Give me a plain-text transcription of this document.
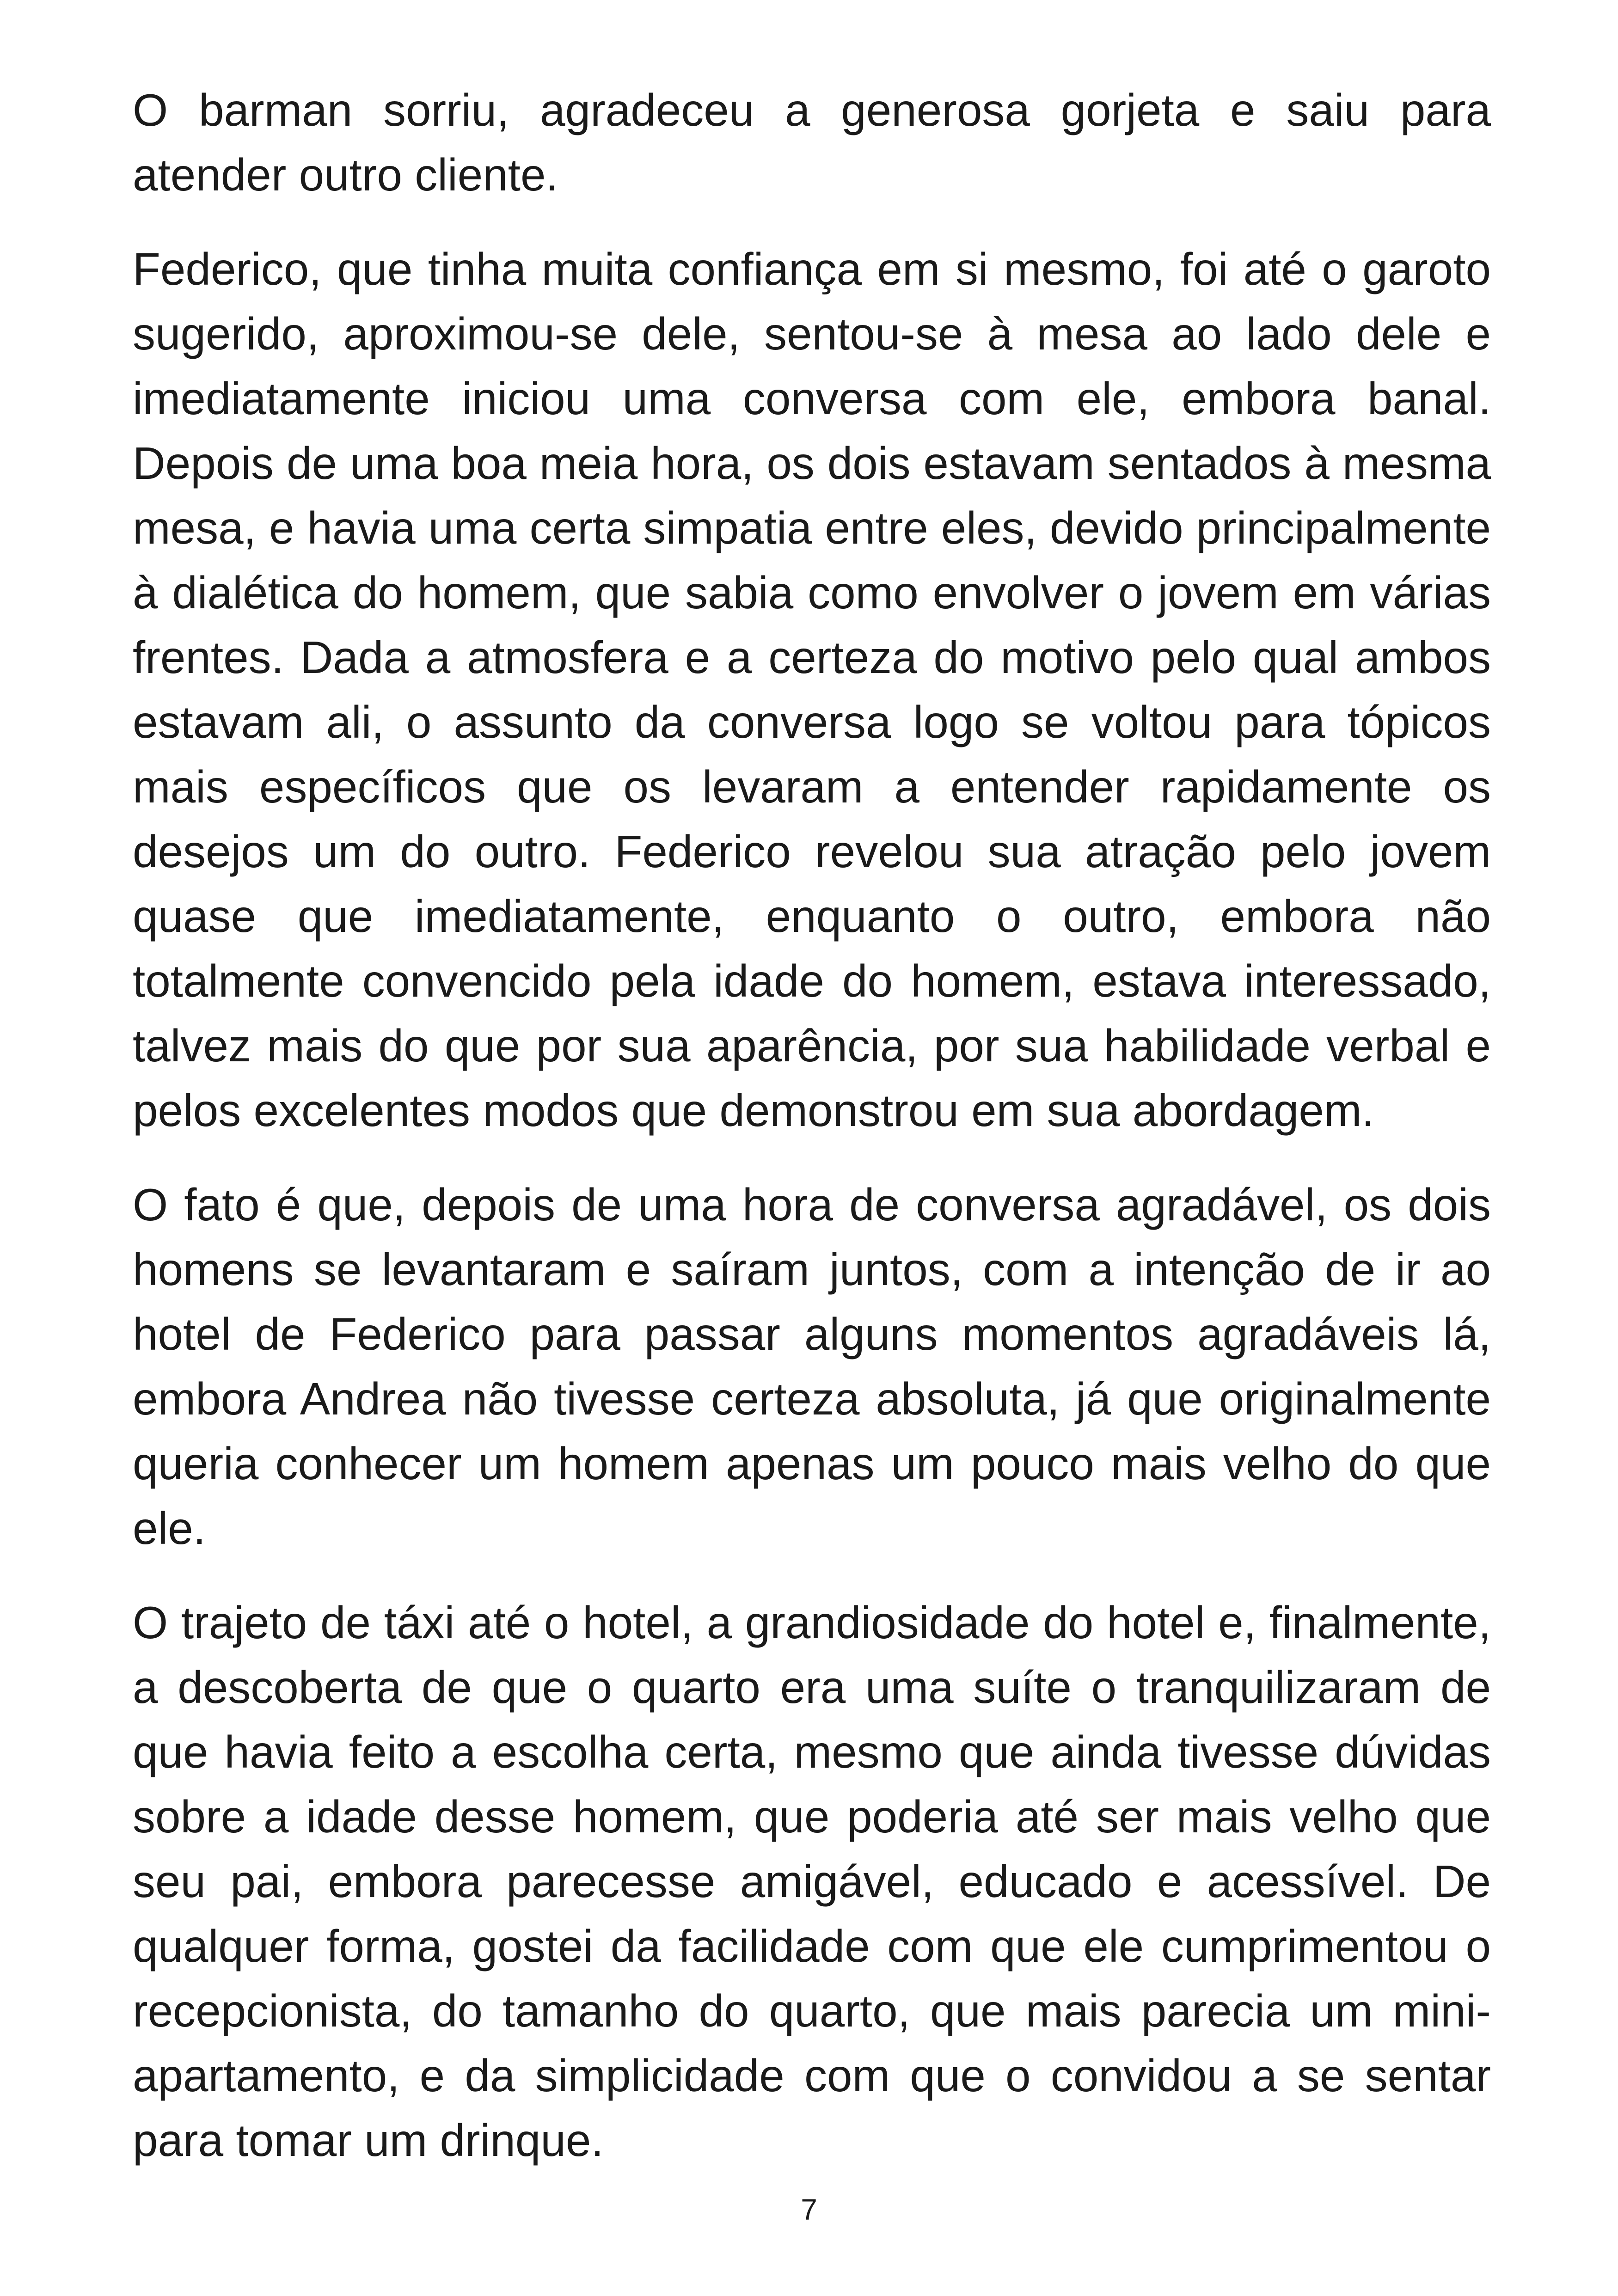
O barman sorriu, agradeceu a generosa gorjeta e saiu para atender outro cliente.

Federico, que tinha muita confiança em si mesmo, foi até o garoto sugerido, aproximou-se dele, sentou-se à mesa ao lado dele e imediatamente iniciou uma conversa com ele, embora banal. Depois de uma boa meia hora, os dois estavam sentados à mesma mesa, e havia uma certa simpatia entre eles, devido principalmente à dialética do homem, que sabia como envolver o jovem em várias frentes. Dada a atmosfera e a certeza do motivo pelo qual ambos estavam ali, o assunto da conversa logo se voltou para tópicos mais específicos que os levaram a entender rapidamente os desejos um do outro. Federico revelou sua atração pelo jovem quase que imediatamente, enquanto o outro, embora não totalmente convencido pela idade do homem, estava interessado, talvez mais do que por sua aparência, por sua habilidade verbal e pelos excelentes modos que demonstrou em sua abordagem.

O fato é que, depois de uma hora de conversa agradável, os dois homens se levantaram e saíram juntos, com a intenção de ir ao hotel de Federico para passar alguns momentos agradáveis lá, embora Andrea não tivesse certeza absoluta, já que originalmente queria conhecer um homem apenas um pouco mais velho do que ele.

O trajeto de táxi até o hotel, a grandiosidade do hotel e, finalmente, a descoberta de que o quarto era uma suíte o tranquilizaram de que havia feito a escolha certa, mesmo que ainda tivesse dúvidas sobre a idade desse homem, que poderia até ser mais velho que seu pai, embora parecesse amigável, educado e acessível. De qualquer forma, gostei da facilidade com que ele cumprimentou o recepcionista, do tamanho do quarto, que mais parecia um mini-apartamento, e da simplicidade com que o convidou a se sentar para tomar um drinque.

7
